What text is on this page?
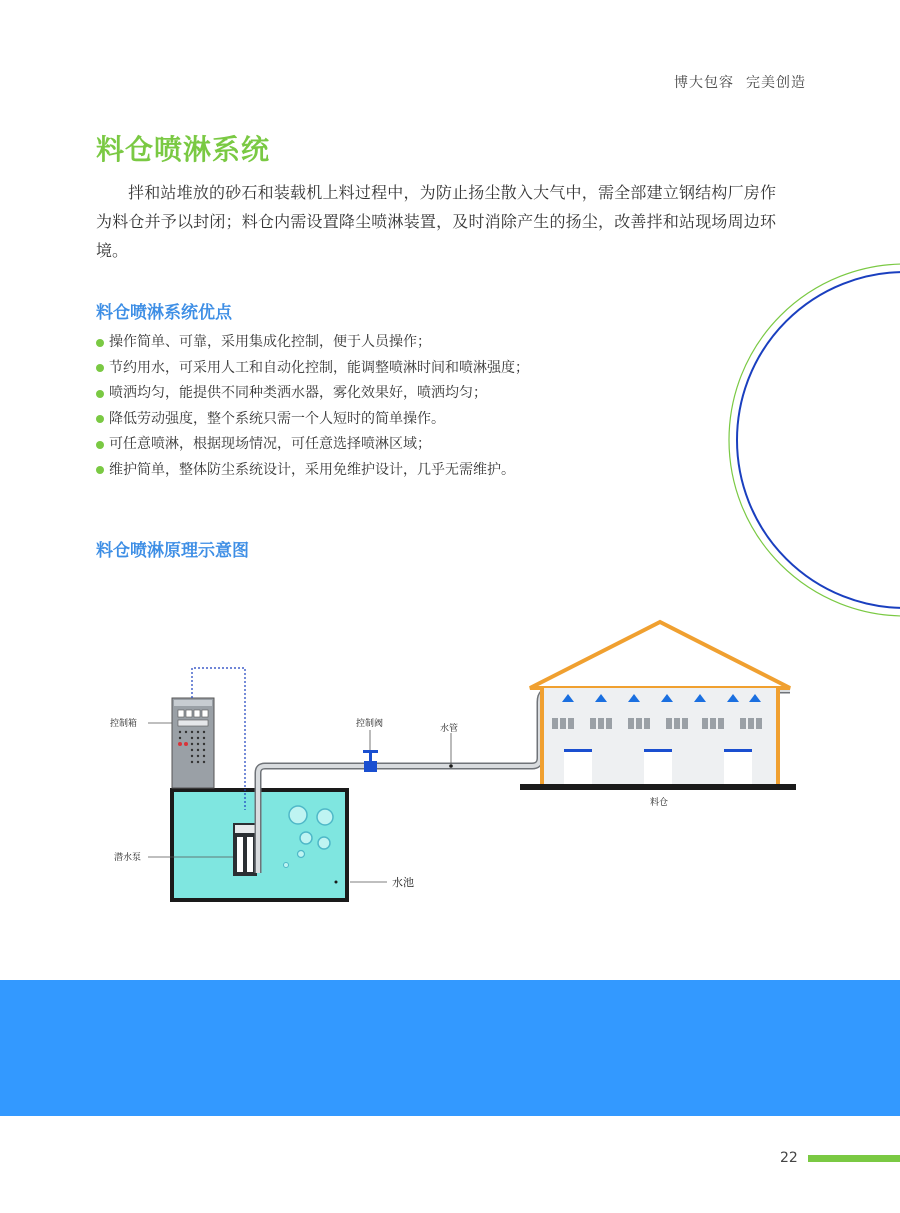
博大包容 完美创造
料仓喷淋系统

拌和站堆放的砂石和装载机上料过程中，为防止扬尘散入大气中，需全部建立钢结构厂房作为料仓并予以封闭；料仓内需设置降尘喷淋装置，及时消除产生的扬尘，改善拌和站现场周边环境。

料仓喷淋系统优点
操作简单、可靠，采用集成化控制，便于人员操作；
节约用水，可采用人工和自动化控制，能调整喷淋时间和喷淋强度；
喷洒均匀，能提供不同种类洒水器，雾化效果好，喷洒均匀；
降低劳动强度，整个系统只需一个人短时的简单操作。
可任意喷淋，根据现场情况，可任意选择喷淋区域；
维护简单，整体防尘系统设计，采用免维护设计，几乎无需维护。
料仓喷淋原理示意图
控制箱	控制阀	水管
潜水泵
水池
料仓
22
